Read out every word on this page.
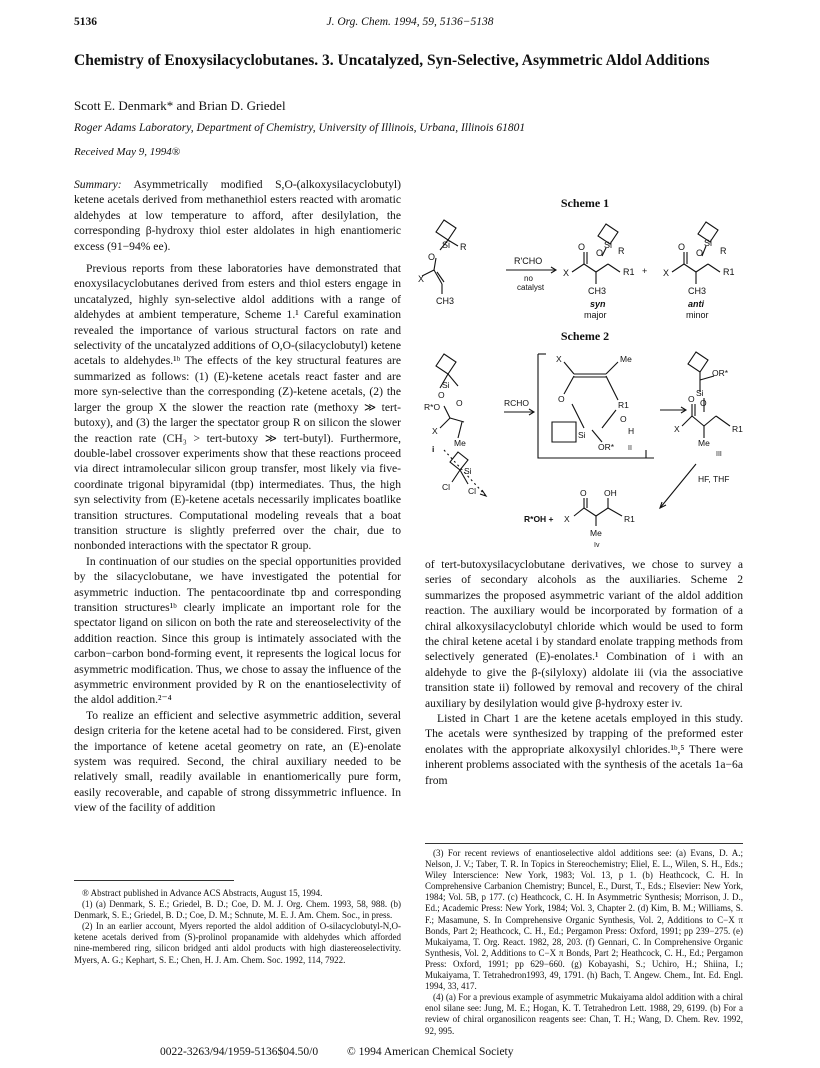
5136	J. Org. Chem. 1994, 59, 5136−5138
Chemistry of Enoxysilacyclobutanes. 3. Uncatalyzed, Syn-Selective, Asymmetric Aldol Additions
Scott E. Denmark* and Brian D. Griedel
Roger Adams Laboratory, Department of Chemistry, University of Illinois, Urbana, Illinois 61801
Received May 9, 1994®

Summary: Asymmetrically modified S,O-(alkoxysilacyclobutyl) ketene acetals derived from methanethiol esters reacted with aromatic aldehydes at low temperature to afford, after desilylation, the corresponding β-hydroxy thiol ester aldolates in high enantiomeric excess (91−94% ee).

Previous reports from these laboratories have demonstrated that enoxysilacyclobutanes derived from esters and thiol esters engage in uncatalyzed, highly syn-selective aldol additions with a range of aldehydes at ambient temperature, Scheme 1.¹ Careful examination revealed the importance of various structural factors on rate and selectivity of the uncatalyzed additions of O,O-(silacyclobutyl) ketene acetals to aldehydes.¹ᵇ The effects of the key structural features are summarized as follows: (1) (E)-ketene acetals react faster and are more syn-selective than the corresponding (Z)-ketene acetals, (2) the larger the group X the slower the reaction rate (methoxy ≫ tert-butoxy), and (3) the larger the spectator group R on silicon the slower the reaction rate (CH₃ > tert-butoxy ≫ tert-butyl). Furthermore, double-label crossover experiments show that these reactions proceed via direct intramolecular silicon group transfer, most likely via five-coordinate trigonal bipyramidal (tbp) intermediates. Thus, the high syn selectivity from (E)-ketene acetals necessarily implicates boatlike transition structures. Computational modeling reveals that a boat transition structure is slightly preferred over the chair, due to nonbonded interactions with the spectator R group.

In continuation of our studies on the special opportunities provided by the silacyclobutane, we have investigated the potential for asymmetric induction. The pentacoordinate tbp and corresponding transition structures¹ᵇ clearly implicate an important role for the spectator ligand on silicon on both the rate and stereoselectivity of the addition reaction. Since this group is intimately associated with the carbon−carbon bond-forming event, it represents the logical locus for asymmetric modification. Thus, we chose to assay the influence of the asymmetric environment provided by R on the enantioselectivity of the aldol addition.²⁻⁴

To realize an efficient and selective asymmetric addition, several design criteria for the ketene acetal had to be considered. First, given the importance of ketene acetal geometry on rate, an (E)-enolate system was required. Second, the chiral auxiliary needed to be relatively small, readily available in enantiomerically pure form, easily recoverable, and capable of strong dissymmetric influence. In view of the facility of addition

of tert-butoxysilacyclobutane derivatives, we chose to survey a series of secondary alcohols as the auxiliaries. Scheme 2 summarizes the proposed asymmetric variant of the aldol addition reaction. The auxiliary would be incorporated by formation of a chiral alkoxysilacyclobutyl chloride which would be used to form the chiral ketene acetal i by standard enolate trapping methods from selectively generated (E)-enolates.¹ Combination of i with an aldehyde to give the β-(silyloxy) aldolate iii (via the associative transition state ii) followed by removal and recovery of the chiral auxiliary by desilylation would give β-hydroxy ester iv.

Listed in Chart 1 are the ketene acetals employed in this study. The acetals were synthesized by trapping of the preformed ester enolates with the appropriate alkoxysilyl chlorides.¹ᵇ,⁵ There were inherent problems associated with the synthesis of the acetals 1a−6a from

Scheme 1
Si
O
R
X
CH3
R'CHO
no
catalyst
O
O
Si
R
X	R1
CH3
+
O
O
Si
R
X	R1
CH3
syn
major
anti
minor
Scheme 2
R*O
Si
O
O
X
Me
i
RCHO
X	Me
O
R1
O
H
Si
OR* II
OR*
Si
O O
X	R1
Me
III
HF, THF
Si
Cl Cl	O OH
R*OH + X	R1
Me
Iv

® Abstract published in Advance ACS Abstracts, August 15, 1994.

(1) (a) Denmark, S. E.; Griedel, B. D.; Coe, D. M. J. Org. Chem. 1993, 58, 988. (b) Denmark, S. E.; Griedel, B. D.; Coe, D. M.; Schnute, M. E. J. Am. Chem. Soc., in press.

(2) In an earlier account, Myers reported the aldol addition of O-silacyclobutyl-N,O-ketene acetals derived from (S)-prolinol propanamide with aldehydes which afforded nine-membered ring, silicon bridged anti aldol products with high diastereoselectivity. Myers, A. G.; Kephart, S. E.; Chen, H. J. Am. Chem. Soc. 1992, 114, 7922.

(3) For recent reviews of enantioselective aldol additions see: (a) Evans, D. A.; Nelson, J. V.; Taber, T. R. In Topics in Stereochemistry; Eliel, E. L., Wilen, S. H., Eds.; Wiley Interscience: New York, 1983; Vol. 13, p 1. (b) Heathcock, C. H. In Comprehensive Carbanion Chemistry; Buncel, E., Durst, T., Eds.; Elsevier: New York, 1984; Vol. 5B, p 177. (c) Heathcock, C. H. In Asymmetric Synthesis; Morrison, J. D., Ed.; Academic Press: New York, 1984; Vol. 3, Chapter 2. (d) Kim, B. M.; Williams, S. F.; Masamune, S. In Comprehensive Organic Synthesis, Vol. 2, Additions to C−X π Bonds, Part 2; Heathcock, C. H., Ed.; Pergamon Press: Oxford, 1991; pp 239−275. (e) Mukaiyama, T. Org. React. 1982, 28, 203. (f) Gennari, C. In Comprehensive Organic Synthesis, Vol. 2, Additions to C−X π Bonds, Part 2; Heathcock, C. H., Ed.; Pergamon Press: Oxford, 1991; pp 629−660. (g) Kobayashi, S.; Uchiro, H.; Shiina, I.; Mukaiyama, T. Tetrahedron1993, 49, 1791. (h) Bach, T. Angew. Chem., Int. Ed. Engl. 1994, 33, 417.

(4) (a) For a previous example of asymmetric Mukaiyama aldol addition with a chiral enol silane see: Jung, M. E.; Hogan, K. T. Tetrahedron Lett. 1988, 29, 6199. (b) For a review of chiral organosilicon reagents see: Chan, T. H.; Wang, D. Chem. Rev. 1992, 92, 995.

0022-3263/94/1959-5136$04.50/0	© 1994 American Chemical Society
